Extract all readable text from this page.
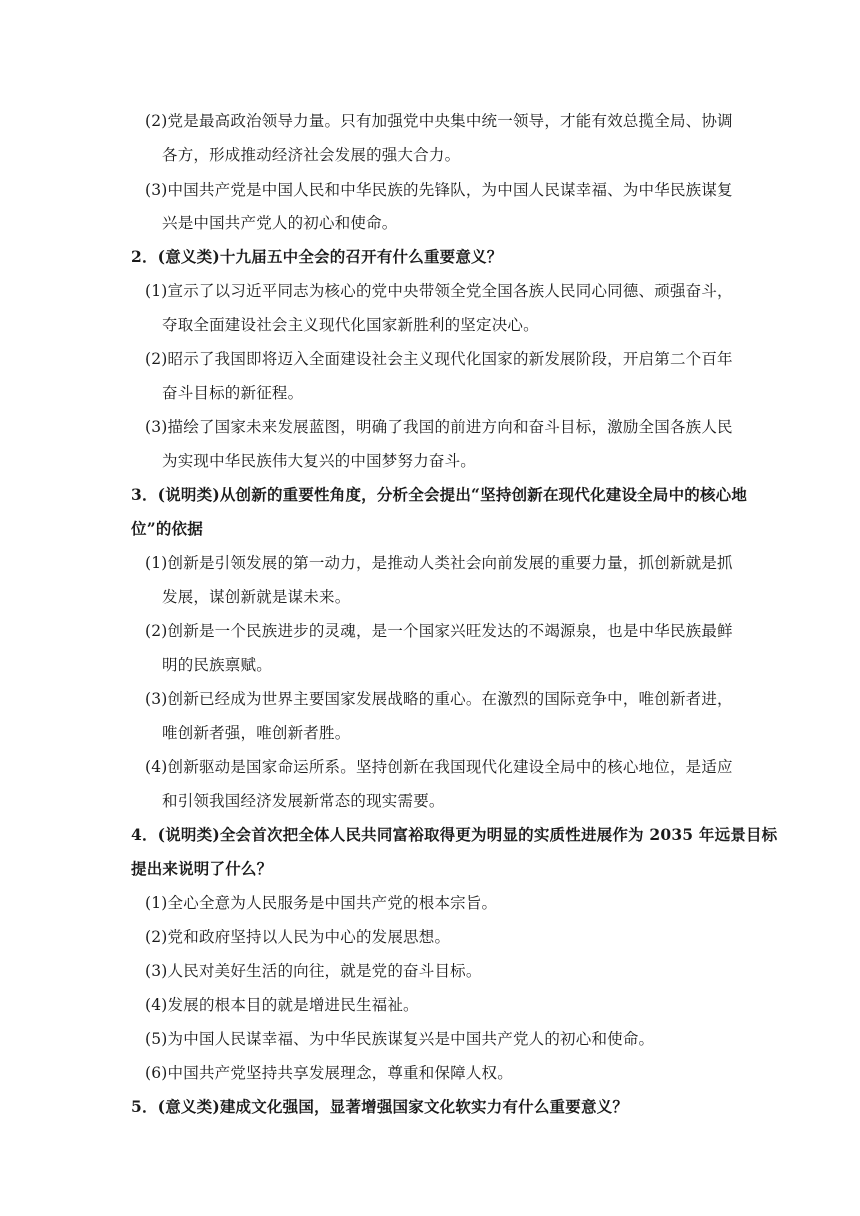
(2)党是最高政治领导力量。只有加强党中央集中统一领导，才能有效总揽全局、协调
各方，形成推动经济社会发展的强大合力。
(3)中国共产党是中国人民和中华民族的先锋队，为中国人民谋幸福、为中华民族谋复
兴是中国共产党人的初心和使命。
2．(意义类)十九届五中全会的召开有什么重要意义？
(1)宣示了以习近平同志为核心的党中央带领全党全国各族人民同心同德、顽强奋斗，
夺取全面建设社会主义现代化国家新胜利的坚定决心。
(2)昭示了我国即将迈入全面建设社会主义现代化国家的新发展阶段，开启第二个百年
奋斗目标的新征程。
(3)描绘了国家未来发展蓝图，明确了我国的前进方向和奋斗目标，激励全国各族人民
为实现中华民族伟大复兴的中国梦努力奋斗。
3．(说明类)从创新的重要性角度，分析全会提出“坚持创新在现代化建设全局中的核心地
位”的依据
(1)创新是引领发展的第一动力，是推动人类社会向前发展的重要力量，抓创新就是抓
发展，谋创新就是谋未来。
(2)创新是一个民族进步的灵魂，是一个国家兴旺发达的不竭源泉，也是中华民族最鲜
明的民族禀赋。
(3)创新已经成为世界主要国家发展战略的重心。在激烈的国际竞争中，唯创新者进，
唯创新者强，唯创新者胜。
(4)创新驱动是国家命运所系。坚持创新在我国现代化建设全局中的核心地位，是适应
和引领我国经济发展新常态的现实需要。
4．(说明类)全会首次把全体人民共同富裕取得更为明显的实质性进展作为 2035 年远景目标
提出来说明了什么？
(1)全心全意为人民服务是中国共产党的根本宗旨。
(2)党和政府坚持以人民为中心的发展思想。
(3)人民对美好生活的向往，就是党的奋斗目标。
(4)发展的根本目的就是增进民生福祉。
(5)为中国人民谋幸福、为中华民族谋复兴是中国共产党人的初心和使命。
(6)中国共产党坚持共享发展理念，尊重和保障人权。
5．(意义类)建成文化强国，显著增强国家文化软实力有什么重要意义？
